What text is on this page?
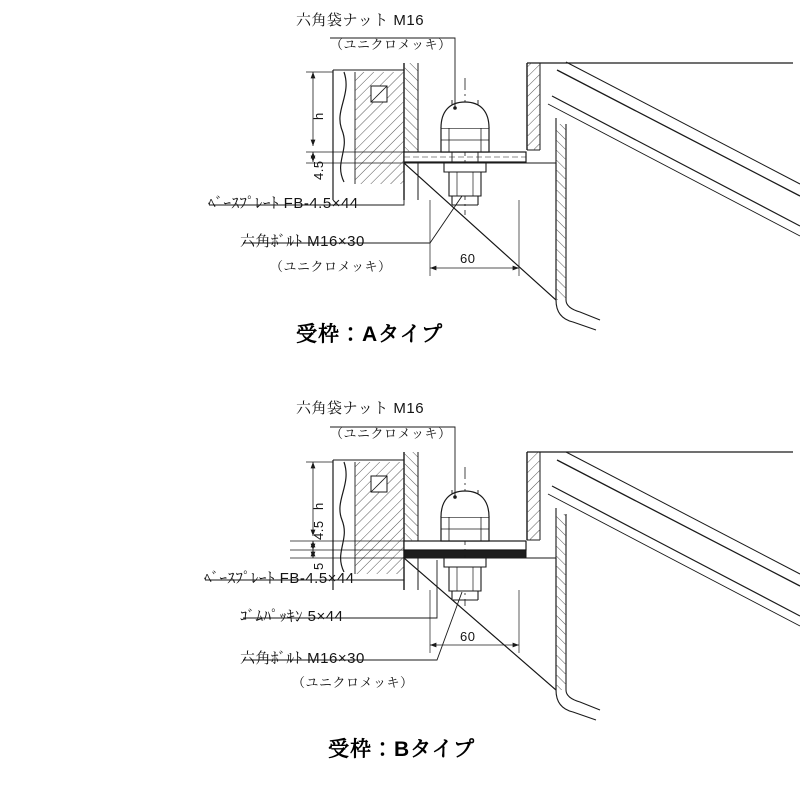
六角袋ナット M16
（ユニクロメッキ）
ﾍﾞｰｽﾌﾟﾚｰﾄ FB-4.5×44
六角ﾎﾞﾙﾄ M16×30
（ユニクロメッキ）
h
4.5
60
受枠：Aタイプ
六角袋ナット M16
（ユニクロメッキ）
ﾍﾞｰｽﾌﾟﾚｰﾄ FB-4.5×44
ｺﾞﾑﾊﾟｯｷﾝ 5×44
六角ﾎﾞﾙﾄ M16×30
（ユニクロメッキ）
h
4.5
5
60
受枠：Bタイプ
